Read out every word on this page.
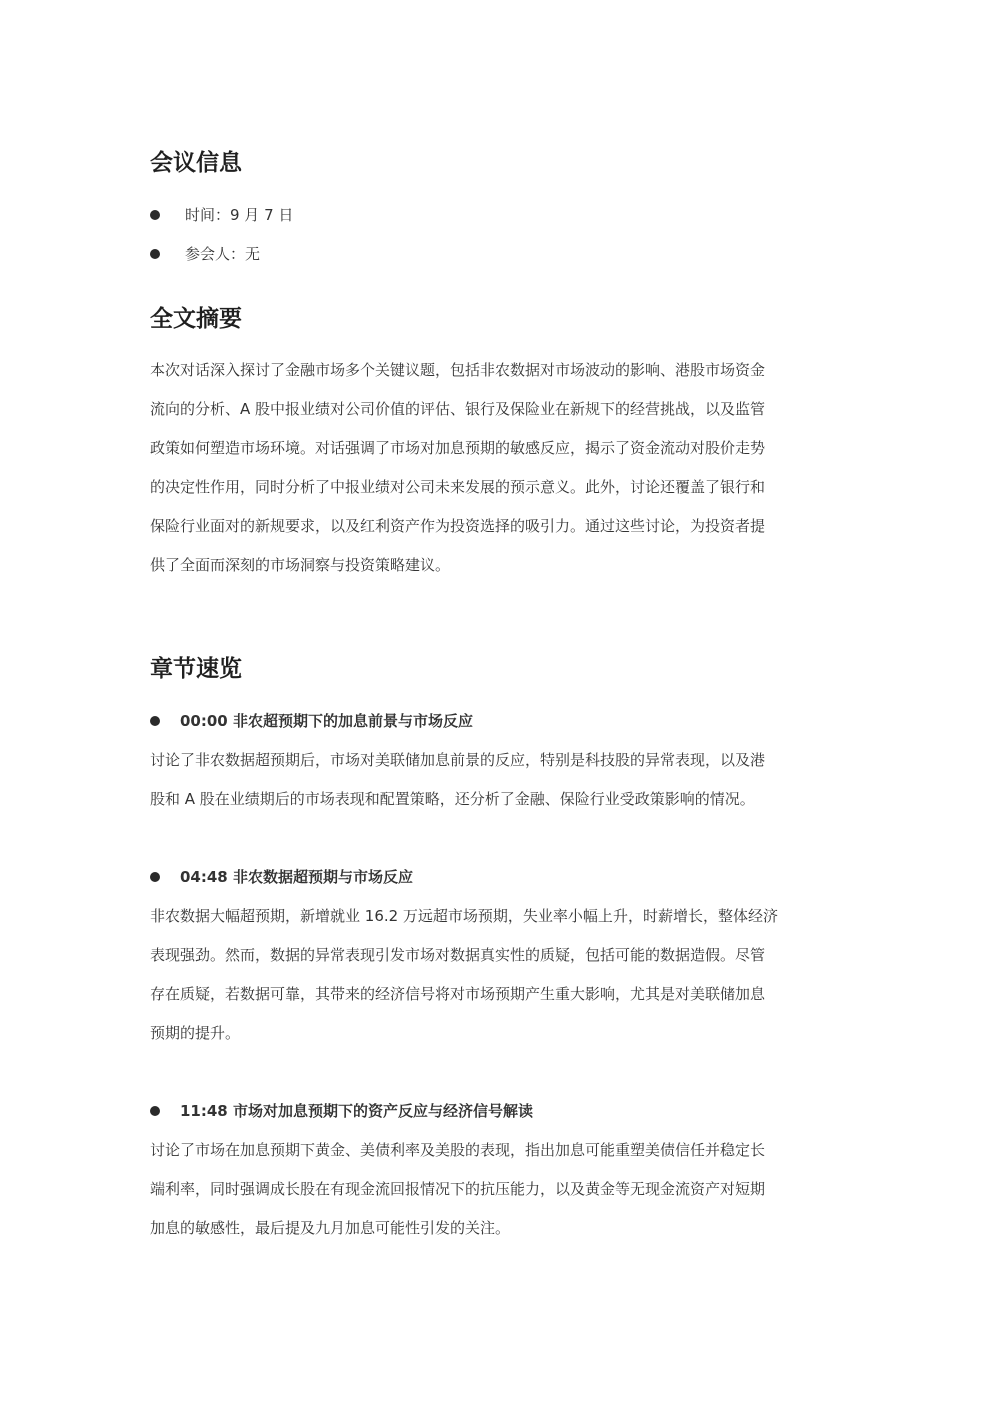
会议信息
时间：9 月 7 日
参会人：无
全文摘要
本次对话深入探讨了金融市场多个关键议题，包括非农数据对市场波动的影响、港股市场资金
流向的分析、A 股中报业绩对公司价值的评估、银行及保险业在新规下的经营挑战，以及监管
政策如何塑造市场环境。对话强调了市场对加息预期的敏感反应，揭示了资金流动对股价走势
的决定性作用，同时分析了中报业绩对公司未来发展的预示意义。此外，讨论还覆盖了银行和
保险行业面对的新规要求，以及红利资产作为投资选择的吸引力。通过这些讨论，为投资者提
供了全面而深刻的市场洞察与投资策略建议。
章节速览
00:00 非农超预期下的加息前景与市场反应
讨论了非农数据超预期后，市场对美联储加息前景的反应，特别是科技股的异常表现，以及港
股和 A 股在业绩期后的市场表现和配置策略，还分析了金融、保险行业受政策影响的情况。
04:48 非农数据超预期与市场反应
非农数据大幅超预期，新增就业 16.2 万远超市场预期，失业率小幅上升，时薪增长，整体经济
表现强劲。然而，数据的异常表现引发市场对数据真实性的质疑，包括可能的数据造假。尽管
存在质疑，若数据可靠，其带来的经济信号将对市场预期产生重大影响，尤其是对美联储加息
预期的提升。
11:48 市场对加息预期下的资产反应与经济信号解读
讨论了市场在加息预期下黄金、美债利率及美股的表现，指出加息可能重塑美债信任并稳定长
端利率，同时强调成长股在有现金流回报情况下的抗压能力，以及黄金等无现金流资产对短期
加息的敏感性，最后提及九月加息可能性引发的关注。
